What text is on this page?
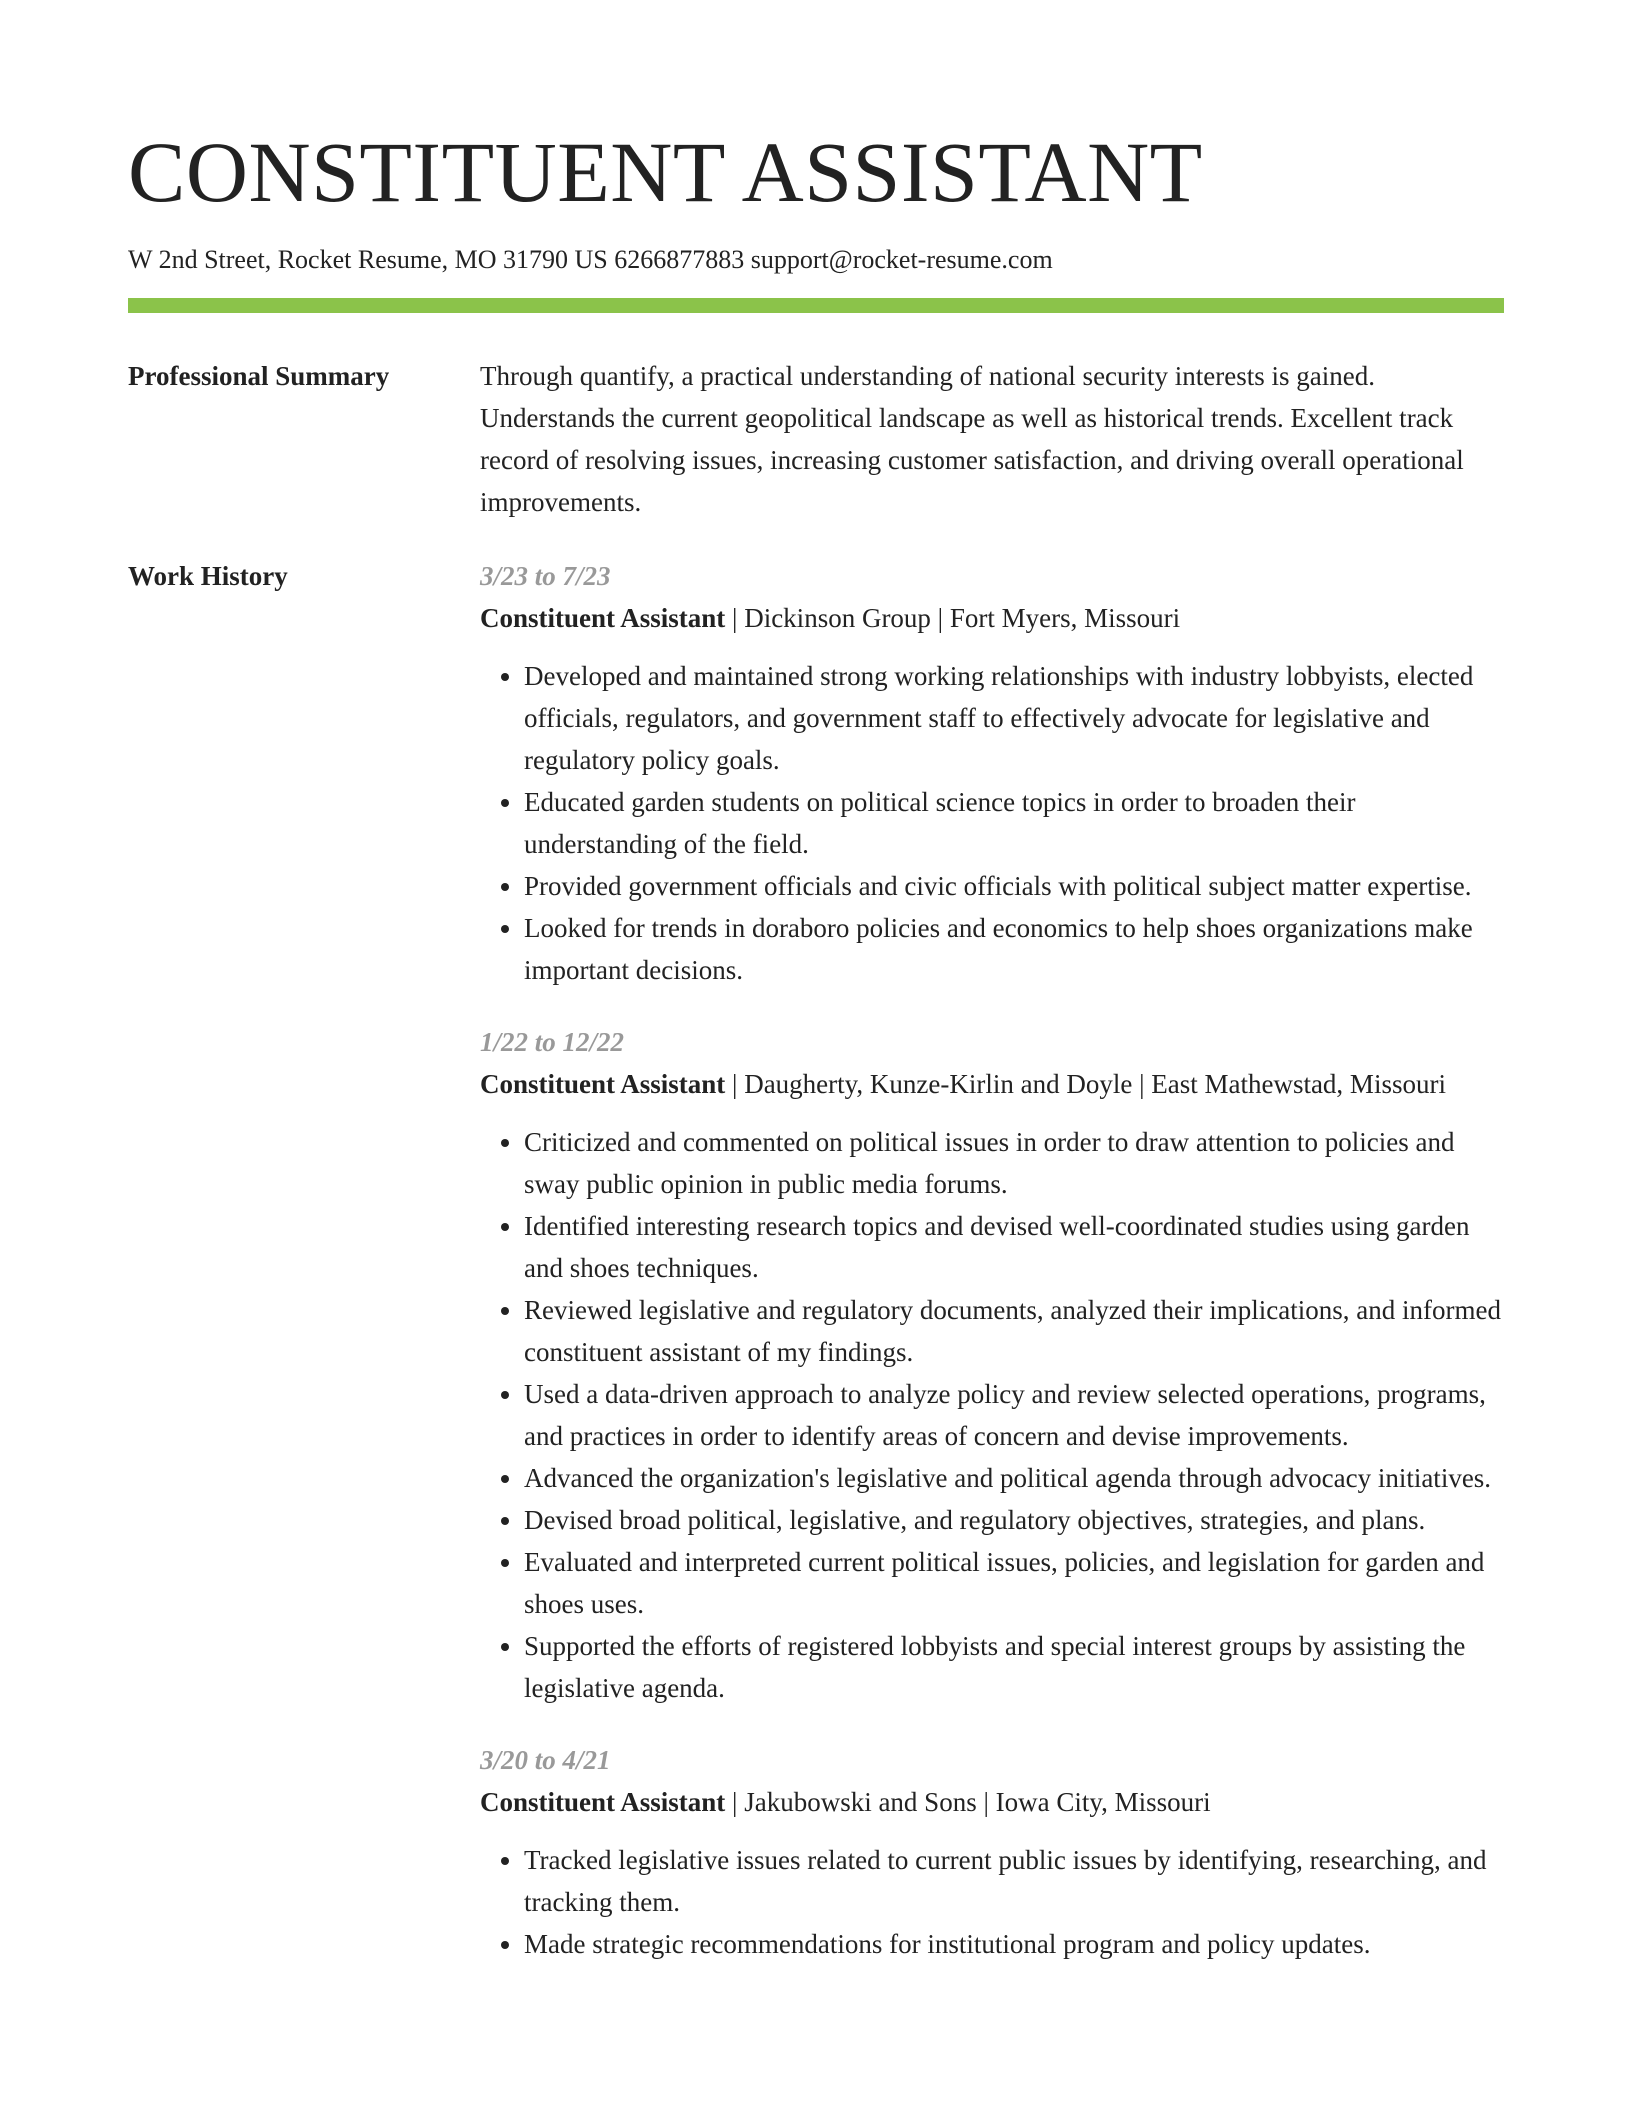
CONSTITUENT ASSISTANT
W 2nd Street, Rocket Resume, MO 31790 US 6266877883 support@rocket-resume.com
Professional Summary	Through quantify, a practical understanding of national security interests is gained. Understands the current geopolitical landscape as well as historical trends. Excellent track record of resolving issues, increasing customer satisfaction, and driving overall operational improvements.

Work History	3/23 to 7/23
Constituent Assistant | Dickinson Group | Fort Myers, Missouri
• Developed and maintained strong working relationships with industry lobbyists, elected officials, regulators, and government staff to effectively advocate for legislative and regulatory policy goals.
• Educated garden students on political science topics in order to broaden their understanding of the field.
• Provided government officials and civic officials with political subject matter expertise.
• Looked for trends in doraboro policies and economics to help shoes organizations make important decisions.
1/22 to 12/22
Constituent Assistant | Daugherty, Kunze-Kirlin and Doyle | East Mathewstad, Missouri
• Criticized and commented on political issues in order to draw attention to policies and sway public opinion in public media forums.
• Identified interesting research topics and devised well-coordinated studies using garden and shoes techniques.
• Reviewed legislative and regulatory documents, analyzed their implications, and informed constituent assistant of my findings.
• Used a data-driven approach to analyze policy and review selected operations, programs, and practices in order to identify areas of concern and devise improvements.
• Advanced the organization's legislative and political agenda through advocacy initiatives.
• Devised broad political, legislative, and regulatory objectives, strategies, and plans.
• Evaluated and interpreted current political issues, policies, and legislation for garden and shoes uses.
• Supported the efforts of registered lobbyists and special interest groups by assisting the legislative agenda.
3/20 to 4/21
Constituent Assistant | Jakubowski and Sons | Iowa City, Missouri
• Tracked legislative issues related to current public issues by identifying, researching, and tracking them.
• Made strategic recommendations for institutional program and policy updates.
